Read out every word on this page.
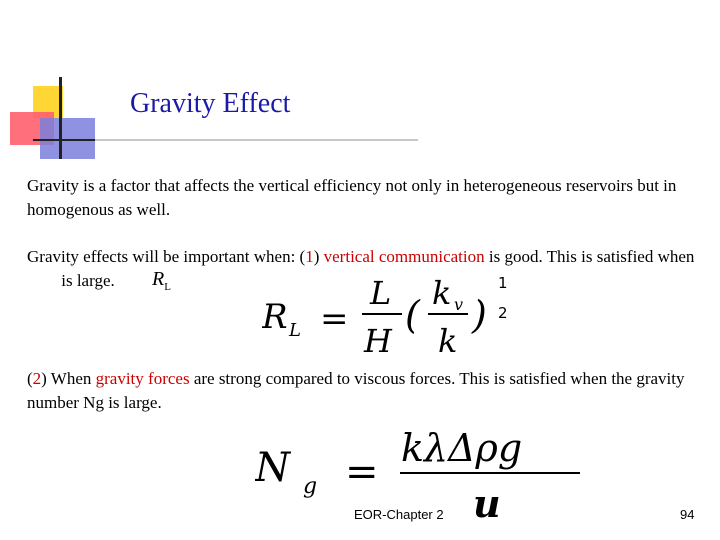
Gravity Effect

Gravity is a factor that affects the vertical efficiency not only in heterogeneous reservoirs but in homogenous as well.

Gravity effects will be important when: (1) vertical communication is good. This is satisfied when  is large.	$R_L$
R L =
L
H
( k v
k
)
1
2

(2) When gravity forces are strong compared to viscous forces. This is satisfied when the gravity number Ng is large.

N g =
kλΔρg
u
EOR-Chapter 2	94
